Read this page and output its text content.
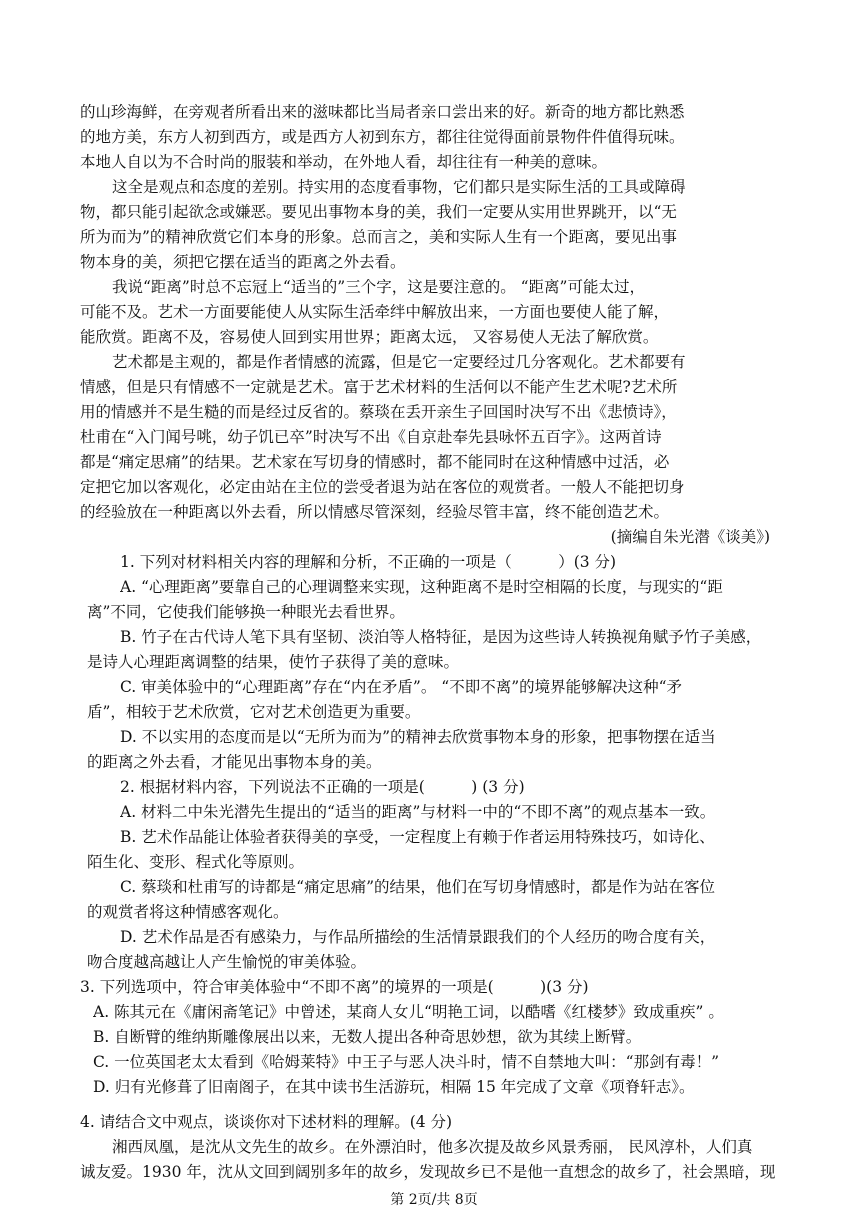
的山珍海鲜，在旁观者所看出来的滋味都比当局者亲口尝出来的好。新奇的地方都比熟悉
的地方美，东方人初到西方，或是西方人初到东方，都往往觉得面前景物件件值得玩味。
本地人自以为不合时尚的服装和举动，在外地人看，却往往有一种美的意味。
这全是观点和态度的差别。持实用的态度看事物，它们都只是实际生活的工具或障碍
物，都只能引起欲念或嫌恶。要见出事物本身的美，我们一定要从实用世界跳开，以“无
所为而为”的精神欣赏它们本身的形象。总而言之，美和实际人生有一个距离，要见出事
物本身的美，须把它摆在适当的距离之外去看。
我说“距离”时总不忘冠上“适当的”三个字，这是要注意的。 “距离”可能太过，
可能不及。艺术一方面要能使人从实际生活牵绊中解放出来，一方面也要使人能了解，
能欣赏。距离不及，容易使人回到实用世界；距离太远， 又容易使人无法了解欣赏。
艺术都是主观的，都是作者情感的流露，但是它一定要经过几分客观化。艺术都要有
情感，但是只有情感不一定就是艺术。富于艺术材料的生活何以不能产生艺术呢?艺术所
用的情感并不是生糙的而是经过反省的。蔡琰在丢开亲生子回国时决写不出《悲愤诗》，
杜甫在“入门闻号咷，幼子饥已卒”时决写不出《自京赴奉先县咏怀五百字》。这两首诗
都是“痛定思痛”的结果。艺术家在写切身的情感时，都不能同时在这种情感中过活，必
定把它加以客观化，必定由站在主位的尝受者退为站在客位的观赏者。一般人不能把切身
的经验放在一种距离以外去看，所以情感尽管深刻，经验尽管丰富，终不能创造艺术。
(摘编自朱光潜《谈美》)
1. 下列对材料相关内容的理解和分析，不正确的一项是（　　　）(3 分)
A. “心理距离”要靠自己的心理调整来实现，这种距离不是时空相隔的长度，与现实的“距
离”不同，它使我们能够换一种眼光去看世界。
B. 竹子在古代诗人笔下具有坚韧、淡泊等人格特征，是因为这些诗人转换视角赋予竹子美感，
是诗人心理距离调整的结果，使竹子获得了美的意味。
C. 审美体验中的“心理距离”存在“内在矛盾”。 “不即不离”的境界能够解决这种“矛
盾”，相较于艺术欣赏，它对艺术创造更为重要。
D. 不以实用的态度而是以“无所为而为”的精神去欣赏事物本身的形象，把事物摆在适当
的距离之外去看，才能见出事物本身的美。
2. 根据材料内容，下列说法不正确的一项是(　　　) (3 分)
A. 材料二中朱光潜先生提出的“适当的距离”与材料一中的“不即不离”的观点基本一致。
B. 艺术作品能让体验者获得美的享受，一定程度上有赖于作者运用特殊技巧，如诗化、
陌生化、变形、程式化等原则。
C. 蔡琰和杜甫写的诗都是“痛定思痛”的结果，他们在写切身情感时，都是作为站在客位
的观赏者将这种情感客观化。
D. 艺术作品是否有感染力，与作品所描绘的生活情景跟我们的个人经历的吻合度有关，
吻合度越高越让人产生愉悦的审美体验。
3. 下列选项中，符合审美体验中“不即不离”的境界的一项是(　　　)(3 分)
A. 陈其元在《庸闲斋笔记》中曾述，某商人女儿“明艳工词，以酷嗜《红楼梦》致成重疾” 。
B. 自断臂的维纳斯雕像展出以来，无数人提出各种奇思妙想，欲为其续上断臂。
C. 一位英国老太太看到《哈姆莱特》中王子与恶人决斗时，情不自禁地大叫：“那剑有毒！”
D. 归有光修葺了旧南阁子，在其中读书生活游玩，相隔 15 年完成了文章《项脊轩志》。
4. 请结合文中观点，谈谈你对下述材料的理解。(4 分)
湘西凤凰，是沈从文先生的故乡。在外漂泊时，他多次提及故乡风景秀丽， 民风淳朴，人们真
诚友爱。1930 年，沈从文回到阔别多年的故乡，发现故乡已不是他一直想念的故乡了，社会黑暗，现
第 2页/共 8页
